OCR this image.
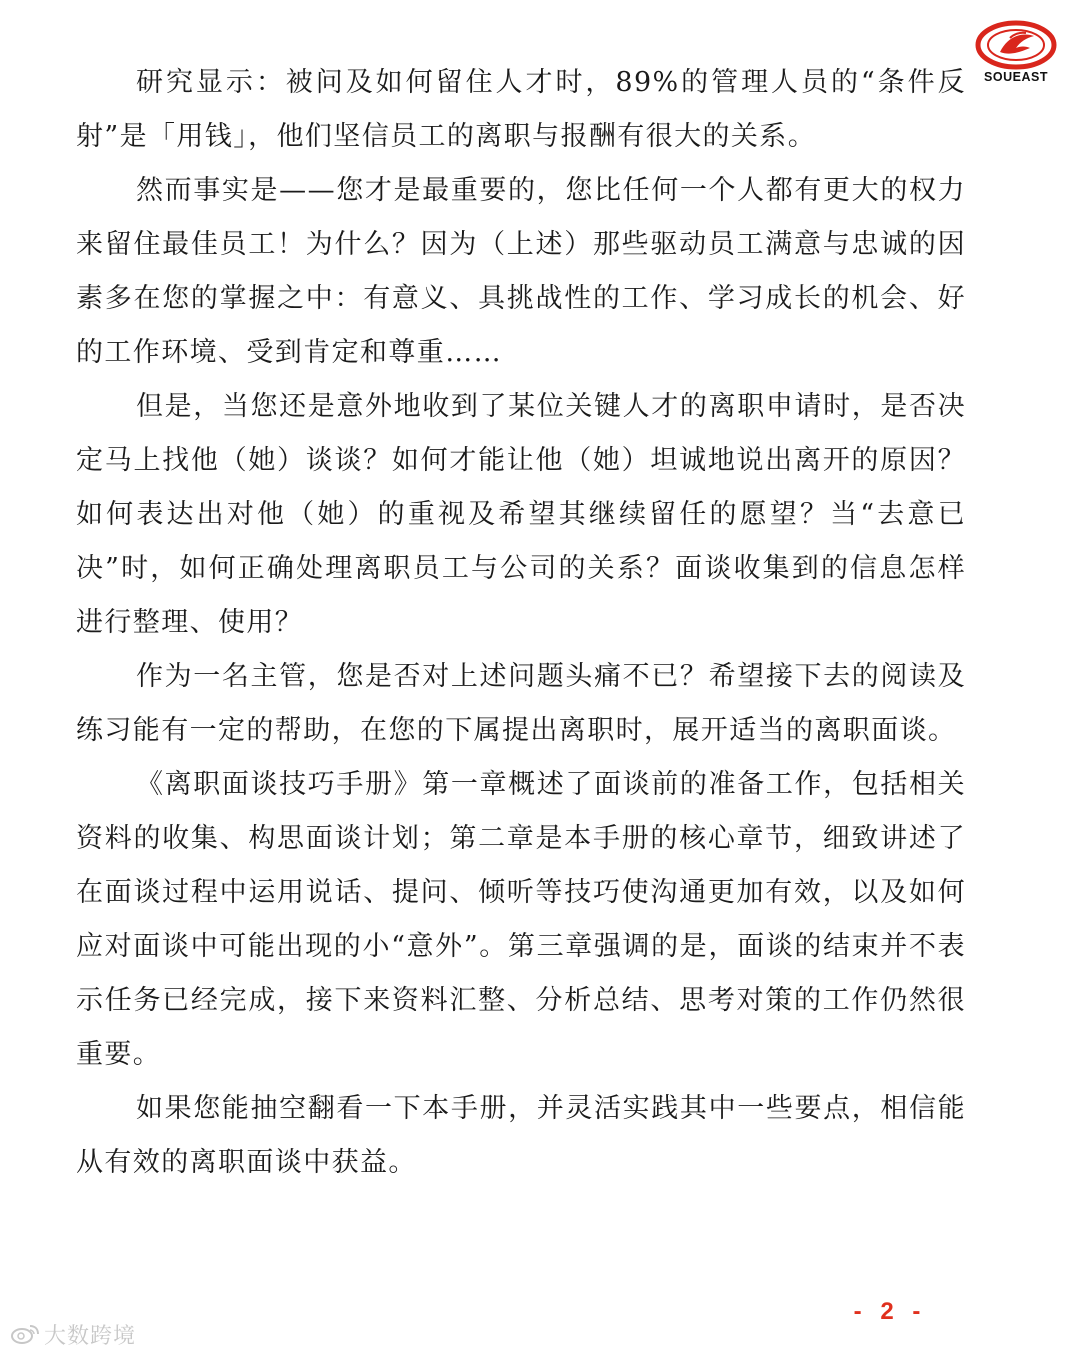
SOUEAST

研究显示：被问及如何留住人才时，89%的管理人员的“条件反射”是「用钱」，他们坚信员工的离职与报酬有很大的关系。

然而事实是——您才是最重要的，您比任何一个人都有更大的权力来留住最佳员工！为什么？因为（上述）那些驱动员工满意与忠诚的因素多在您的掌握之中：有意义、具挑战性的工作、学习成长的机会、好的工作环境、受到肯定和尊重……

但是，当您还是意外地收到了某位关键人才的离职申请时，是否决定马上找他（她）谈谈？如何才能让他（她）坦诚地说出离开的原因？如何表达出对他（她）的重视及希望其继续留任的愿望？当“去意已决”时，如何正确处理离职员工与公司的关系？面谈收集到的信息怎样进行整理、使用？

作为一名主管，您是否对上述问题头痛不已？希望接下去的阅读及练习能有一定的帮助，在您的下属提出离职时，展开适当的离职面谈。

《离职面谈技巧手册》第一章概述了面谈前的准备工作，包括相关资料的收集、构思面谈计划；第二章是本手册的核心章节，细致讲述了在面谈过程中运用说话、提问、倾听等技巧使沟通更加有效，以及如何应对面谈中可能出现的小“意外”。第三章强调的是，面谈的结束并不表示任务已经完成，接下来资料汇整、分析总结、思考对策的工作仍然很重要。

如果您能抽空翻看一下本手册，并灵活实践其中一些要点，相信能从有效的离职面谈中获益。

- 2 -
大数跨境
